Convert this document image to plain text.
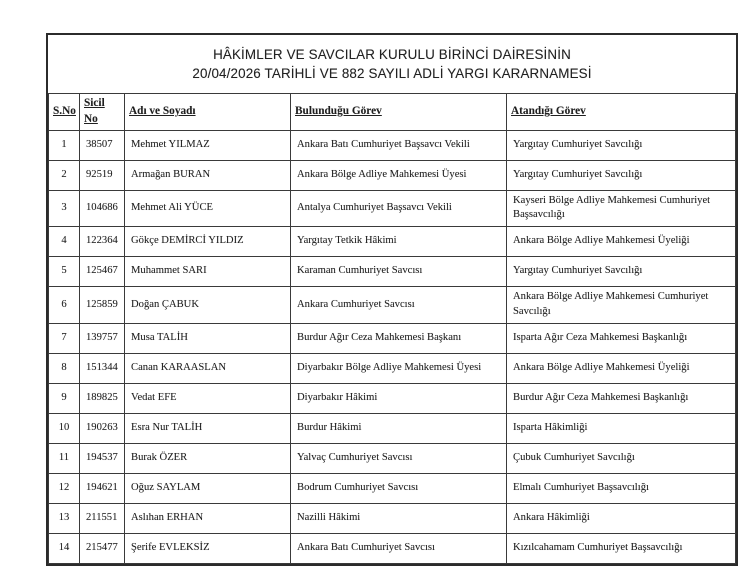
HÂKİMLER VE SAVCILAR KURULU BİRİNCİ DAİRESİNİN
20/04/2026 TARİHLİ VE 882 SAYILI ADLİ YARGI KARARNAMESİ
S.No	Sicil No	Adı ve Soyadı	Bulunduğu Görev	Atandığı Görev
1	38507	Mehmet YILMAZ	Ankara Batı Cumhuriyet Başsavcı Vekili	Yargıtay Cumhuriyet Savcılığı
2	92519	Armağan BURAN	Ankara Bölge Adliye Mahkemesi Üyesi	Yargıtay Cumhuriyet Savcılığı
3	104686	Mehmet Ali YÜCE	Antalya Cumhuriyet Başsavcı Vekili	Kayseri Bölge Adliye Mahkemesi Cumhuriyet Başsavcılığı
4	122364	Gökçe DEMİRCİ YILDIZ	Yargıtay Tetkik Hâkimi	Ankara Bölge Adliye Mahkemesi Üyeliği
5	125467	Muhammet SARI	Karaman Cumhuriyet Savcısı	Yargıtay Cumhuriyet Savcılığı
6	125859	Doğan ÇABUK	Ankara Cumhuriyet Savcısı	Ankara Bölge Adliye Mahkemesi Cumhuriyet Savcılığı
7	139757	Musa TALİH	Burdur Ağır Ceza Mahkemesi Başkanı	Isparta Ağır Ceza Mahkemesi Başkanlığı
8	151344	Canan KARAASLAN	Diyarbakır Bölge Adliye Mahkemesi Üyesi	Ankara Bölge Adliye Mahkemesi Üyeliği
9	189825	Vedat EFE	Diyarbakır Hâkimi	Burdur Ağır Ceza Mahkemesi Başkanlığı
10	190263	Esra Nur TALİH	Burdur Hâkimi	Isparta Hâkimliği
11	194537	Burak ÖZER	Yalvaç Cumhuriyet Savcısı	Çubuk Cumhuriyet Savcılığı
12	194621	Oğuz SAYLAM	Bodrum Cumhuriyet Savcısı	Elmalı Cumhuriyet Başsavcılığı
13	211551	Aslıhan ERHAN	Nazilli Hâkimi	Ankara Hâkimliği
14	215477	Şerife EVLEKSİZ	Ankara Batı Cumhuriyet Savcısı	Kızılcahamam Cumhuriyet Başsavcılığı
